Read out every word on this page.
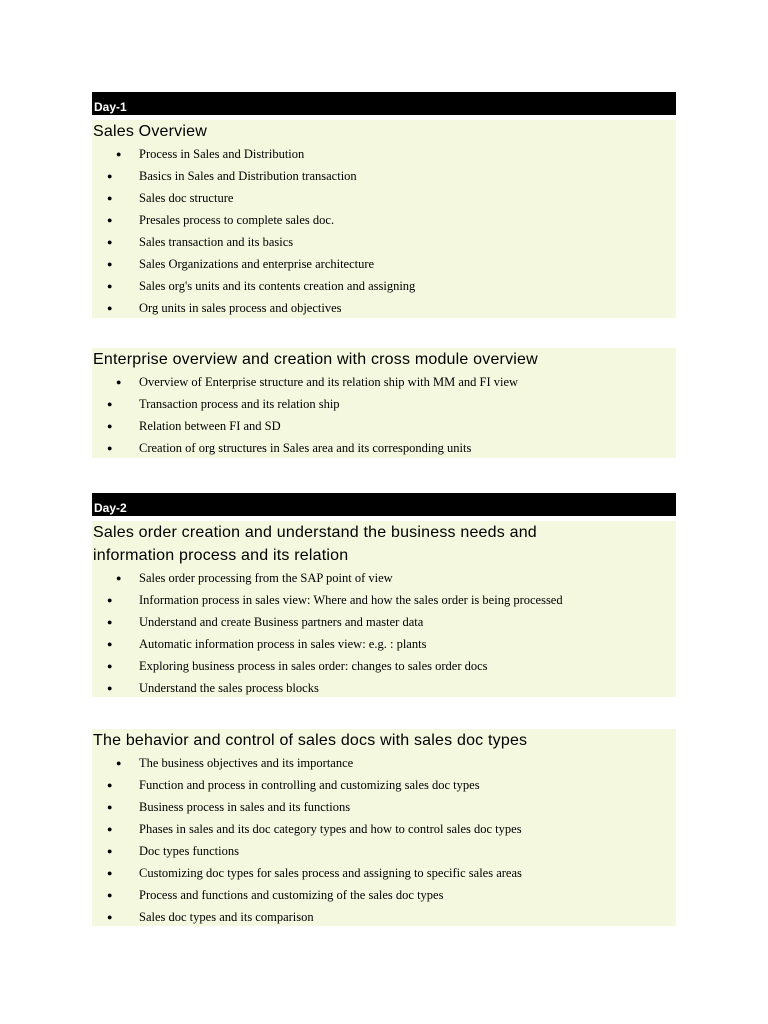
Day-1
Sales Overview
● Process in Sales and Distribution
● Basics in Sales and Distribution transaction
● Sales doc structure
● Presales process to complete sales doc.
● Sales transaction and its basics
● Sales Organizations and enterprise architecture
● Sales org's units and its contents creation and assigning
● Org units in sales process and objectives
Enterprise overview and creation with cross module overview
● Overview of Enterprise structure and its relation ship with MM and FI view
● Transaction process and its relation ship
● Relation between FI and SD
● Creation of org structures in Sales area and its corresponding units
Day-2
Sales order creation and understand the business needs and
information process and its relation
● Sales order processing from the SAP point of view
● Information process in sales view: Where and how the sales order is being processed
● Understand and create Business partners and master data
● Automatic information process in sales view: e.g. : plants
● Exploring business process in sales order: changes to sales order docs
● Understand the sales process blocks
The behavior and control of sales docs with sales doc types
● The business objectives and its importance
● Function and process in controlling and customizing sales doc types
● Business process in sales and its functions
● Phases in sales and its doc category types and how to control sales doc types
● Doc types functions
● Customizing doc types for sales process and assigning to specific sales areas
● Process and functions and customizing of the sales doc types
● Sales doc types and its comparison
